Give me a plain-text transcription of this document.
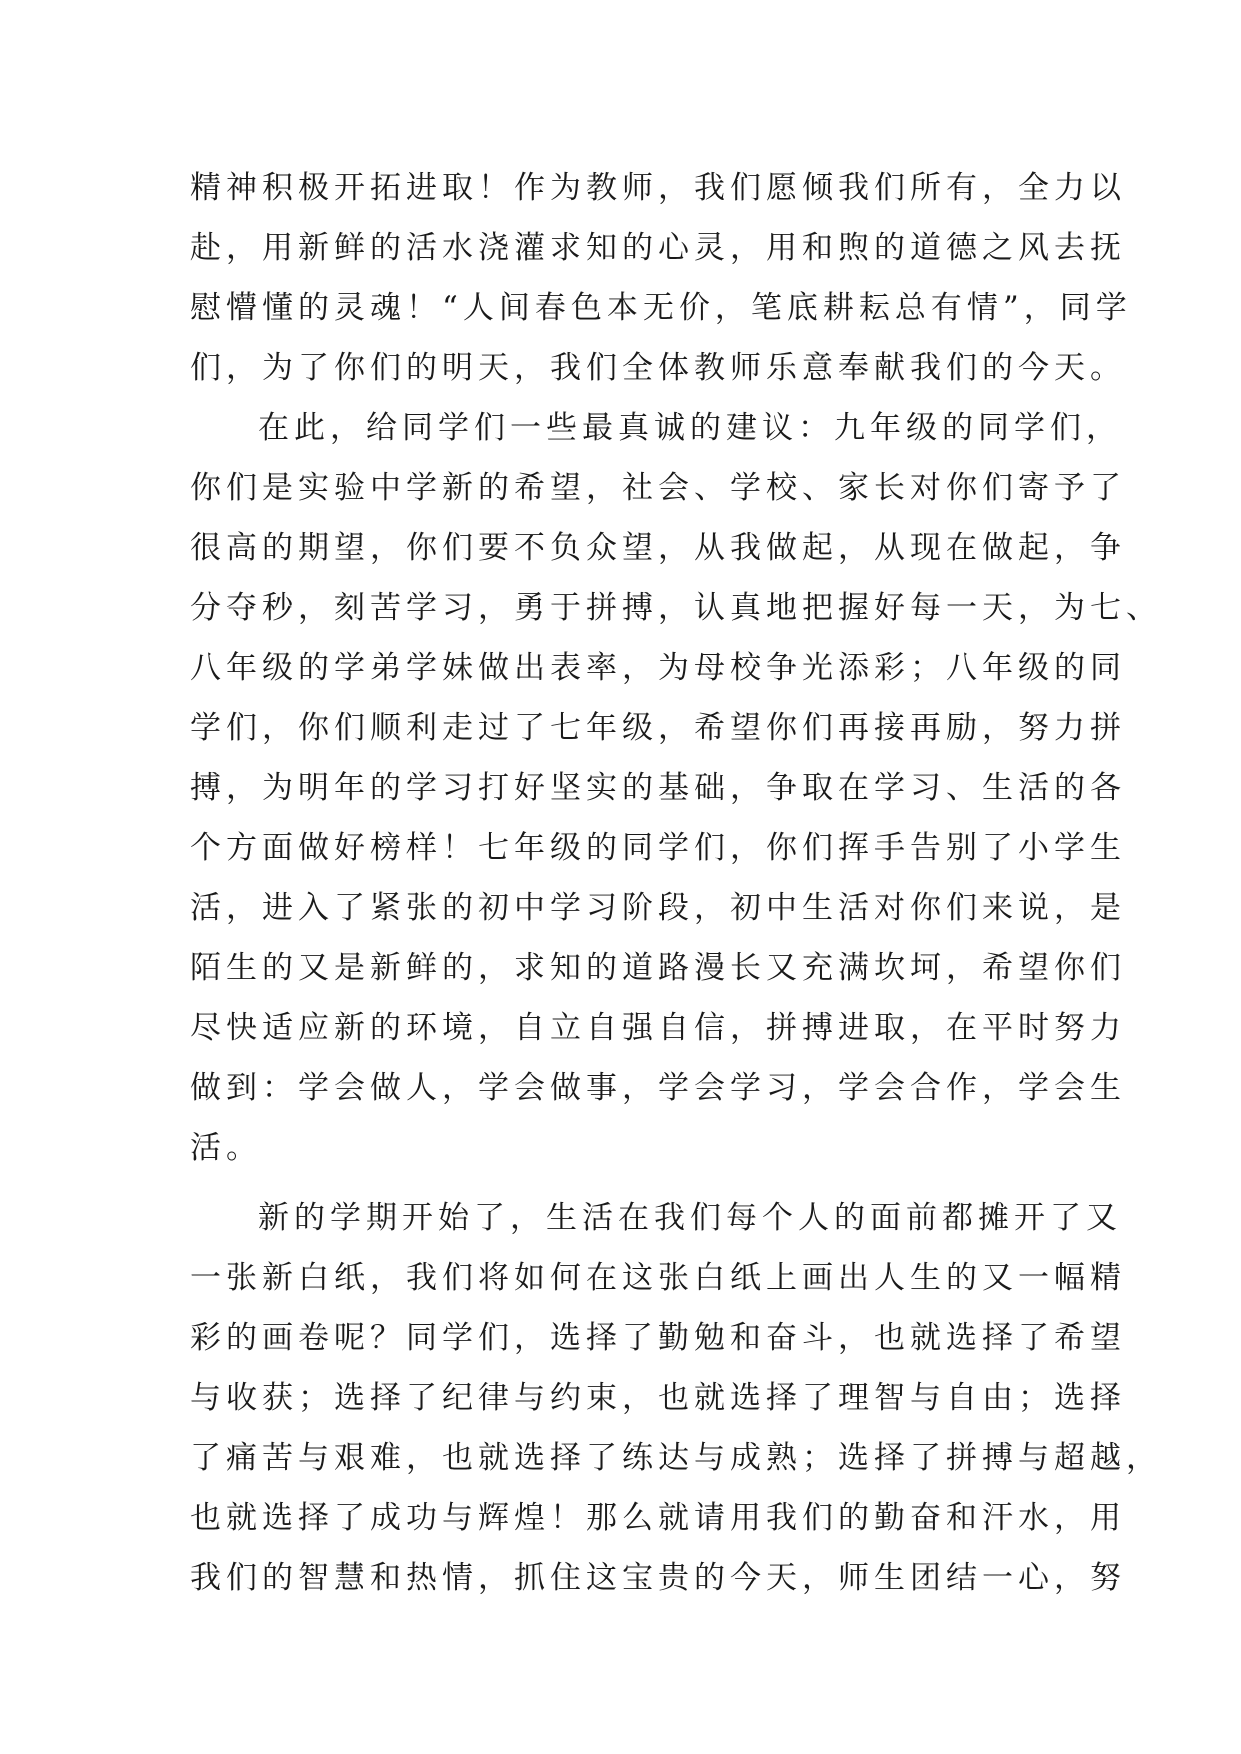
精神积极开拓进取！作为教师，我们愿倾我们所有，全力以
赴，用新鲜的活水浇灌求知的心灵，用和煦的道德之风去抚
慰懵懂的灵魂！“人间春色本无价，笔底耕耘总有情”，同学
们，为了你们的明天，我们全体教师乐意奉献我们的今天。
在此，给同学们一些最真诚的建议：九年级的同学们，
你们是实验中学新的希望，社会、学校、家长对你们寄予了
很高的期望，你们要不负众望，从我做起，从现在做起，争
分夺秒，刻苦学习，勇于拼搏，认真地把握好每一天，为七、
八年级的学弟学妹做出表率，为母校争光添彩；八年级的同
学们，你们顺利走过了七年级，希望你们再接再励，努力拼
搏，为明年的学习打好坚实的基础，争取在学习、生活的各
个方面做好榜样！七年级的同学们，你们挥手告别了小学生
活，进入了紧张的初中学习阶段，初中生活对你们来说，是
陌生的又是新鲜的，求知的道路漫长又充满坎坷，希望你们
尽快适应新的环境，自立自强自信，拼搏进取，在平时努力
做到：学会做人，学会做事，学会学习，学会合作，学会生
活。
新的学期开始了，生活在我们每个人的面前都摊开了又
一张新白纸，我们将如何在这张白纸上画出人生的又一幅精
彩的画卷呢？同学们，选择了勤勉和奋斗，也就选择了希望
与收获；选择了纪律与约束，也就选择了理智与自由；选择
了痛苦与艰难，也就选择了练达与成熟；选择了拼搏与超越，
也就选择了成功与辉煌！那么就请用我们的勤奋和汗水，用
我们的智慧和热情，抓住这宝贵的今天，师生团结一心，努
